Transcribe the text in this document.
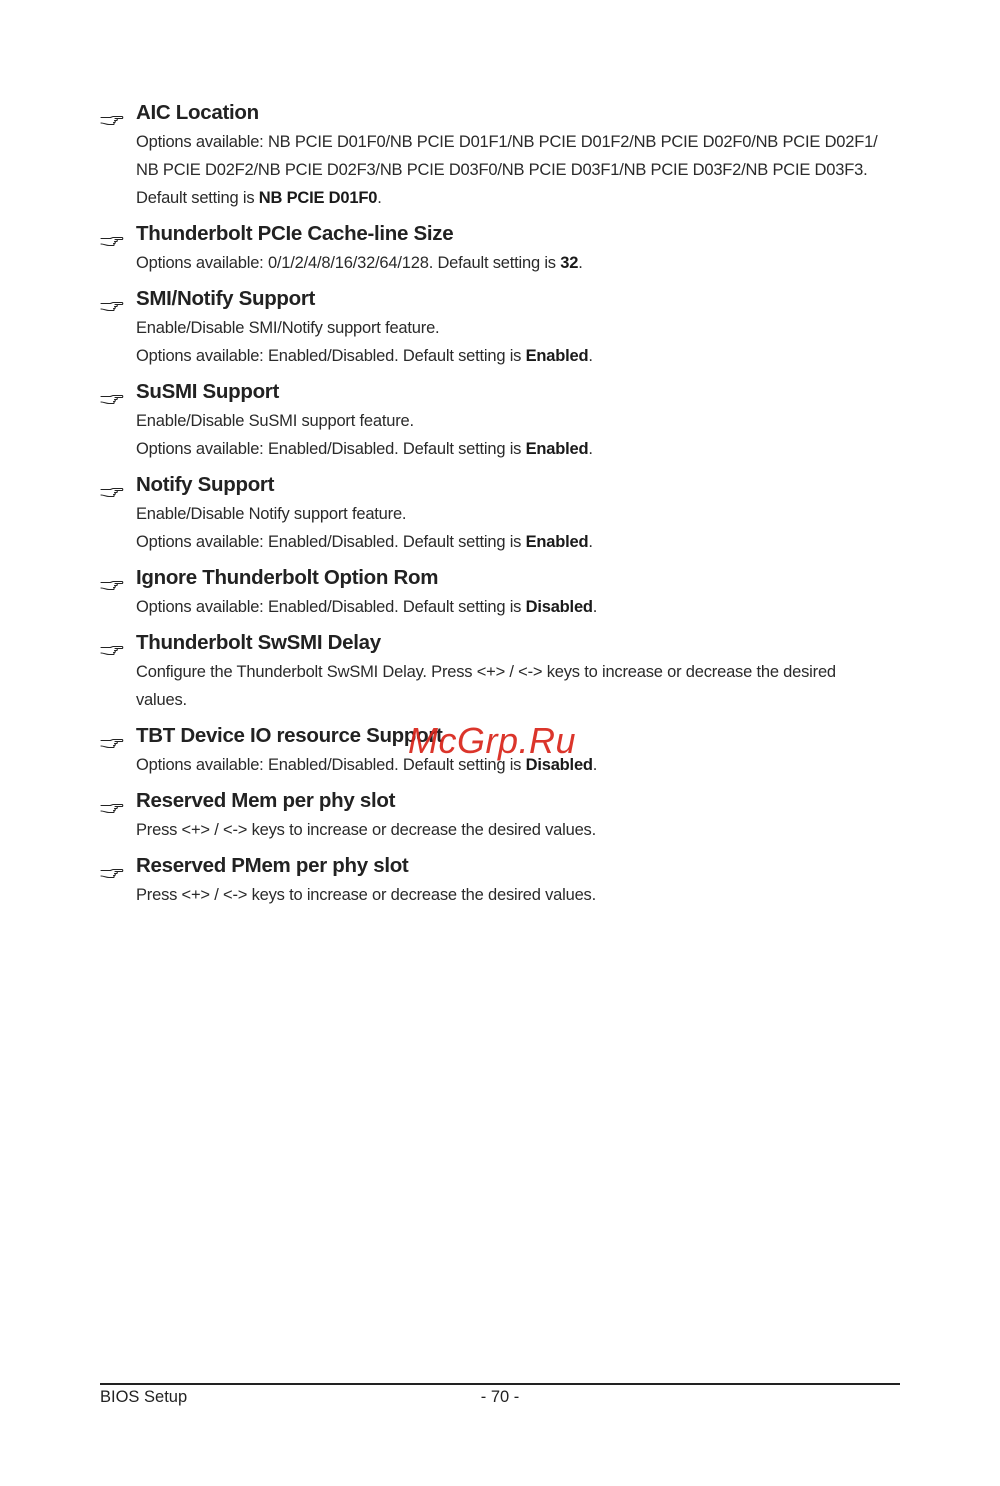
AIC Location
Options available: NB PCIE D01F0/NB PCIE D01F1/NB PCIE D01F2/NB PCIE D02F0/NB PCIE D02F1/
NB PCIE D02F2/NB PCIE D02F3/NB PCIE D03F0/NB PCIE D03F1/NB PCIE D03F2/NB PCIE D03F3.
Default setting is NB PCIE D01F0.
Thunderbolt PCIe Cache-line Size
Options available: 0/1/2/4/8/16/32/64/128. Default setting is 32.
SMI/Notify Support
Enable/Disable SMI/Notify support feature.
Options available: Enabled/Disabled. Default setting is Enabled.
SuSMI Support
Enable/Disable SuSMI support feature.
Options available: Enabled/Disabled. Default setting is Enabled.
Notify Support
Enable/Disable Notify support feature.
Options available: Enabled/Disabled. Default setting is Enabled.
Ignore Thunderbolt Option Rom
Options available: Enabled/Disabled. Default setting is Disabled.
Thunderbolt SwSMI Delay
Configure the Thunderbolt SwSMI Delay. Press <+> / <-> keys to increase or decrease the desired
values.
TBT Device IO resource Support
Options available: Enabled/Disabled. Default setting is Disabled.
Reserved Mem per phy slot
Press <+> / <-> keys to increase or decrease the desired values.
Reserved PMem per phy slot
Press <+> / <-> keys to increase or decrease the desired values.
McGrp.Ru
BIOS Setup	- 70 -
